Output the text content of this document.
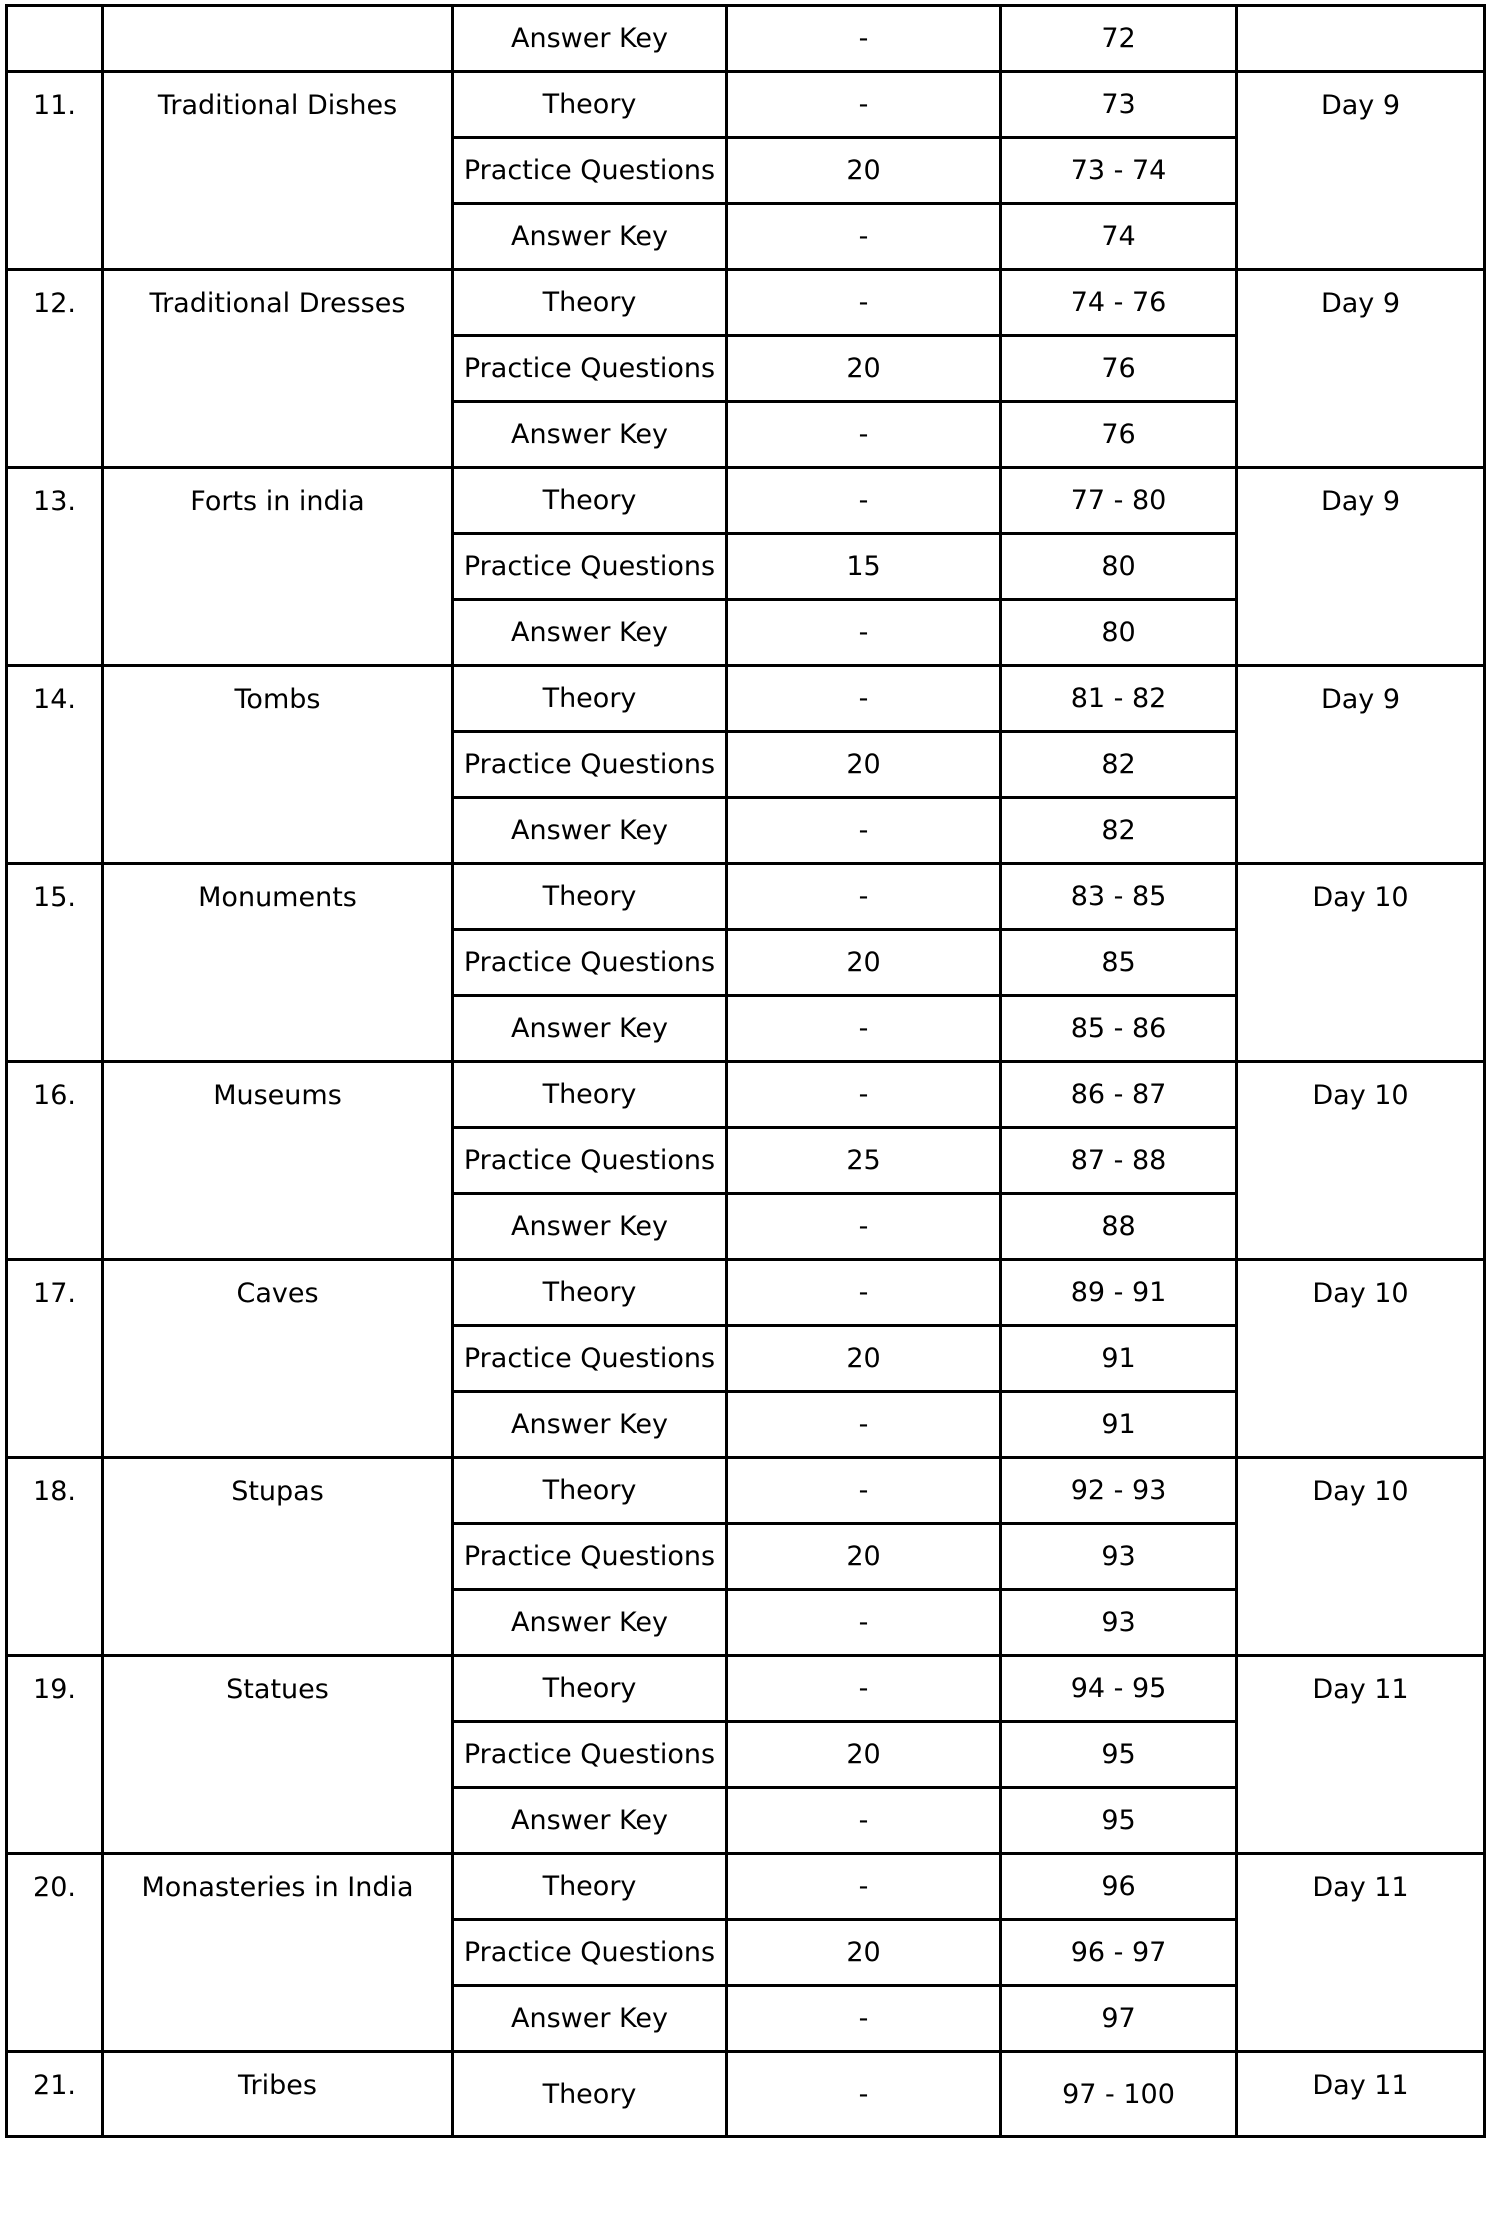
		Answer Key	-	72	
11.	Traditional Dishes	Theory	-	73	Day 9
		Practice Questions	20	73 - 74	
		Answer Key	-	74	
12.	Traditional Dresses	Theory	-	74 - 76	Day 9
		Practice Questions	20	76	
		Answer Key	-	76	
13.	Forts in india	Theory	-	77 - 80	Day 9
		Practice Questions	15	80	
		Answer Key	-	80	
14.	Tombs	Theory	-	81 - 82	Day 9
		Practice Questions	20	82	
		Answer Key	-	82	
15.	Monuments	Theory	-	83 - 85	Day 10
		Practice Questions	20	85	
		Answer Key	-	85 - 86	
16.	Museums	Theory	-	86 - 87	Day 10
		Practice Questions	25	87 - 88	
		Answer Key	-	88	
17.	Caves	Theory	-	89 - 91	Day 10
		Practice Questions	20	91	
		Answer Key	-	91	
18.	Stupas	Theory	-	92 - 93	Day 10
		Practice Questions	20	93	
		Answer Key	-	93	
19.	Statues	Theory	-	94 - 95	Day 11
		Practice Questions	20	95	
		Answer Key	-	95	
20.	Monasteries in India	Theory	-	96	Day 11
		Practice Questions	20	96 - 97	
		Answer Key	-	97	
21.	Tribes	Theory	-	97 - 100	Day 11
